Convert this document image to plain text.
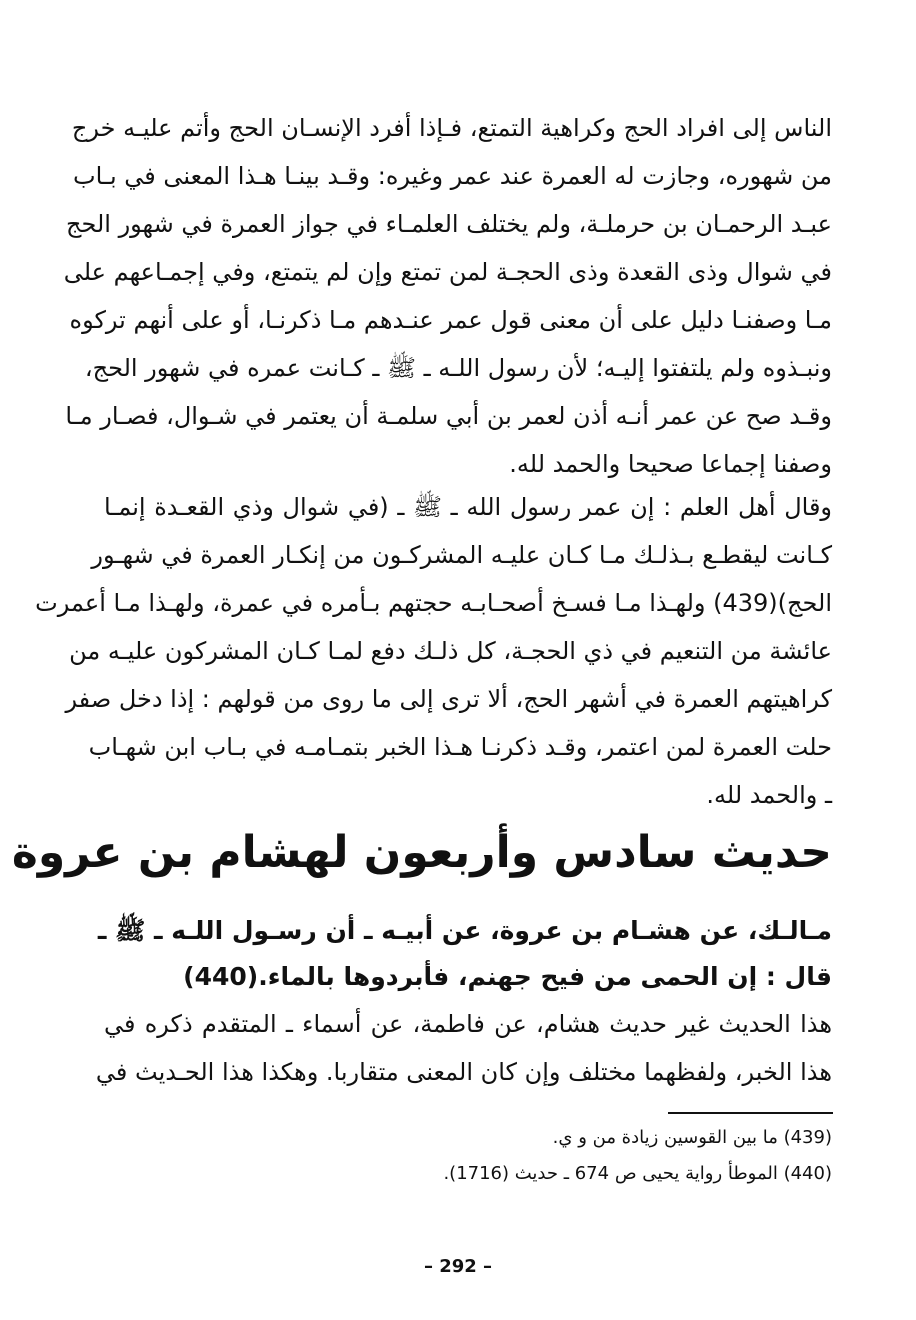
الناس إلى افراد الحج وكراهية التمتع، فـإذا أفرد الإنسـان الحج وأتم عليـه خرج
من شهوره، وجازت له العمرة عند عمر وغيره: وقـد بينـا هـذا المعنى في بـاب
عبـد الرحمـان بن حرملـة، ولم يختلف العلمـاء في جواز العمرة في شهور الحج
في شوال وذى القعدة وذى الحجـة لمن تمتع وإن لم يتمتع، وفي إجمـاعهم على
مـا وصفنـا دليل على أن معنى قول عمر عنـدهم مـا ذكرنـا، أو على أنهم تركوه
ونبـذوه ولم يلتفتوا إليـه؛ لأن رسول اللـه ـ ﷺ ـ كـانت عمره في شهور الحج،
وقـد صح عن عمر أنـه أذن لعمر بن أبي سلمـة أن يعتمر في شـوال، فصـار مـا
وصفنا إجماعا صحيحا والحمد لله.
وقال أهل العلم : إن عمر رسول الله ـ ﷺ ـ (في شوال وذي القعـدة إنمـا
كـانت ليقطـع بـذلـك مـا كـان عليـه المشركـون من إنكـار العمرة في شهـور
الحج)(439) ولهـذا مـا فسـخ أصحـابـه حجتهم بـأمره في عمرة، ولهـذا مـا أعمرت
عائشة من التنعيم في ذي الحجـة، كل ذلـك دفع لمـا كـان المشركون عليـه من
كراهيتهم العمرة في أشهر الحج، ألا ترى إلى ما روى من قولهم : إذا دخل صفر
حلت العمرة لمن اعتمر، وقـد ذكرنـا هـذا الخبر بتمـامـه في بـاب ابن شهـاب
ـ والحمد لله.
حديث سادس وأربعون لهشام بن عروة
مـالـك، عن هشـام بن عروة، عن أبيـه ـ أن رسـول اللـه ـ ﷺ ـ
قال : إن الحمى من فيح جهنم، فأبردوها بالماء.(440)
هذا الحديث غير حديث هشام، عن فاطمة، عن أسماء ـ المتقدم ذكره في
هذا الخبر، ولفظهما مختلف وإن كان المعنى متقاربا. وهكذا هذا الحـديث في
(439) ما بين القوسين زيادة من و ي.
(440) الموطأ رواية يحيى ص 674 ـ حديث (1716).
– 292 –
